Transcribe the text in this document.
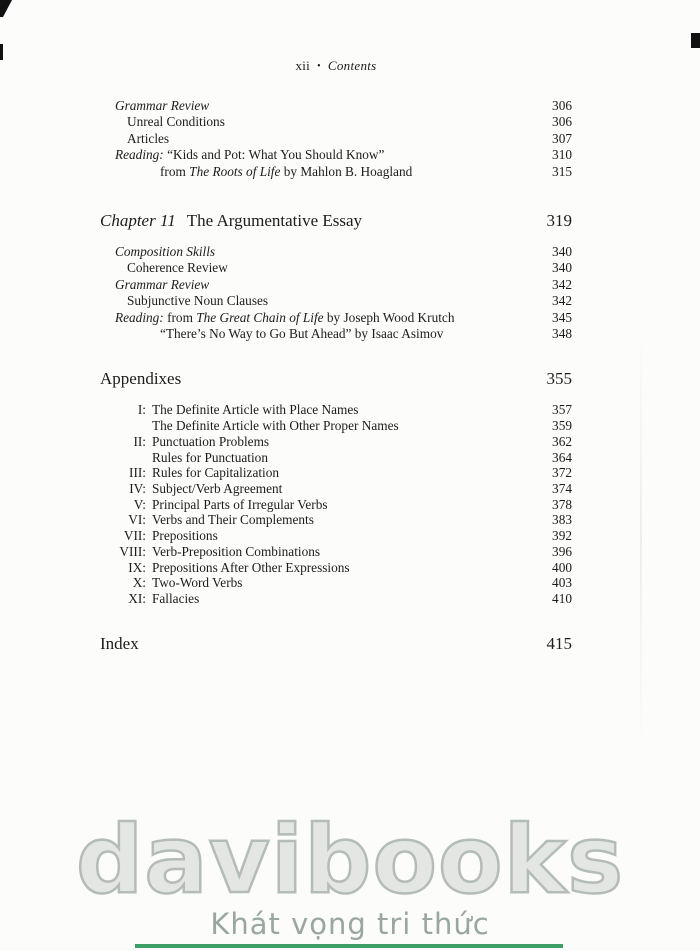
xii • Contents
Grammar Review	306
Unreal Conditions	306
Articles	307
Reading: “Kids and Pot: What You Should Know”	310
from The Roots of Life by Mahlon B. Hoagland	315
Chapter 11 The Argumentative Essay	319
Composition Skills	340
Coherence Review	340
Grammar Review	342
Subjunctive Noun Clauses	342
Reading: from The Great Chain of Life by Joseph Wood Krutch	345
“There’s No Way to Go But Ahead” by Isaac Asimov	348
Appendixes	355
I: The Definite Article with Place Names	357
The Definite Article with Other Proper Names	359
II: Punctuation Problems	362
Rules for Punctuation	364
III: Rules for Capitalization	372
IV: Subject/Verb Agreement	374
V: Principal Parts of Irregular Verbs	378
VI: Verbs and Their Complements	383
VII: Prepositions	392
VIII: Verb-Preposition Combinations	396
IX: Prepositions After Other Expressions	400
X: Two-Word Verbs	403
XI: Fallacies	410
Index	415
davibooks
Khát vọng tri thức
